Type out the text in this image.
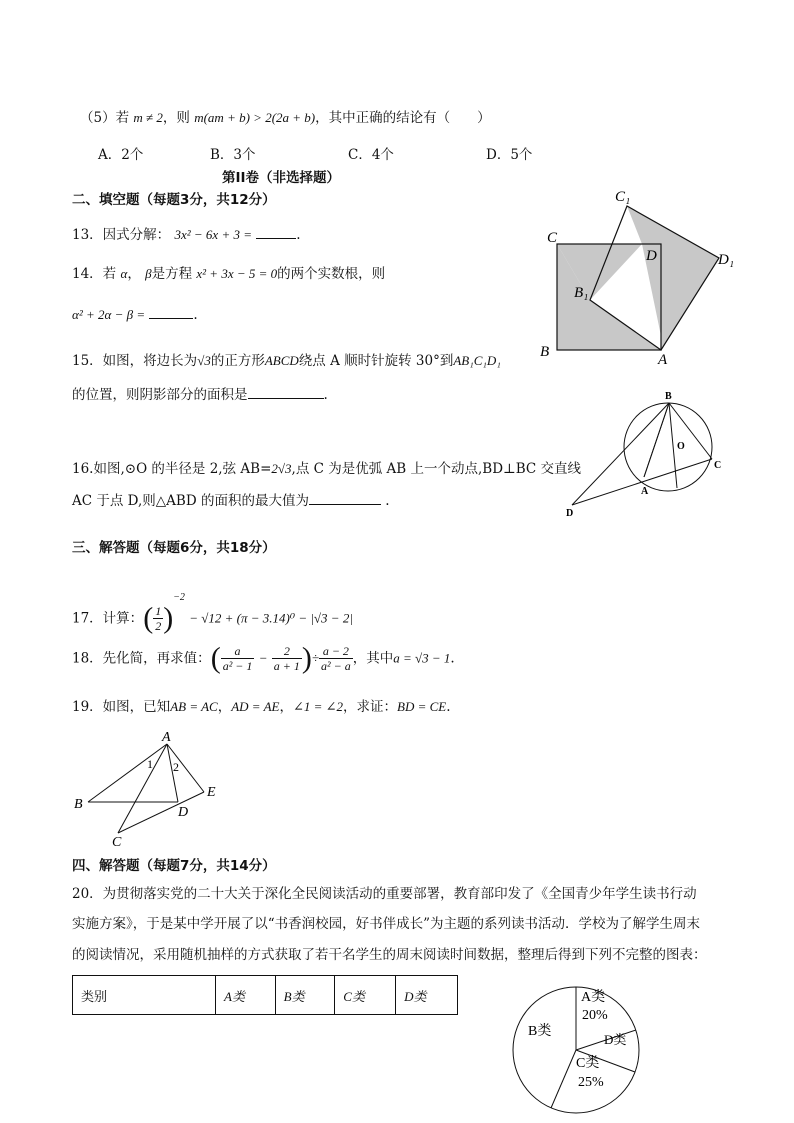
（5）若 m ≠ 2，则 m(am + b) > 2(2a + b)，其中正确的结论有（　　）
A．2个	B．3个	C．4个	D．5个
第II卷（非选择题）
二、填空题（每题3分，共12分）
13．因式分解： 3x² − 6x + 3 =	.
14．若 α， β是方程 x² + 3x − 5 = 0的两个实数根，则
α² + 2α − β =	.
15．如图，将边长为√3的正方形ABCD绕点 A 顺时针旋转 30°到AB₁C₁D₁
的位置，则阴影部分的面积是	.
C₁
C
D	D₁
B₁
B	A
16.如图,⊙O 的半径是 2,弦 AB=2√3,点 C 为是优弧 AB 上一个动点,BD⊥BC 交直线
AC 于点 D,则△ABD 的面积的最大值为	.
B
O
C
A
D
三、解答题（每题6分，共18分）
17．计算：( $\frac{1}{2} )^{-2} - √12 + (\pi - 3.14)^0 - |√3 - 2|$
18．先化简，再求值：( $\frac{a}{\text{a² − 1}} - \frac{2}{a + 1}$ )÷ $\frac{a - 2}{\text{a² − a}}$ ，其中a = √3 − 1.
19．如图，已知AB = AC，AD = AE，∠1 = ∠2，求证：BD = CE.
A
1 2
B
E
D
C
四、解答题（每题7分，共14分）
20．为贯彻落实党的二十大关于深化全民阅读活动的重要部署，教育部印发了《全国青少年学生读书行动
实施方案》，于是某中学开展了以“书香润校园，好书伴成长”为主题的系列读书活动．学校为了解学生周末
的阅读情况，采用随机抽样的方式获取了若干名学生的周末阅读时间数据，整理后得到下列不完整的图表：
类别	A类	B类	C类	D类	A类
20%
B类
D类
C类
25%
